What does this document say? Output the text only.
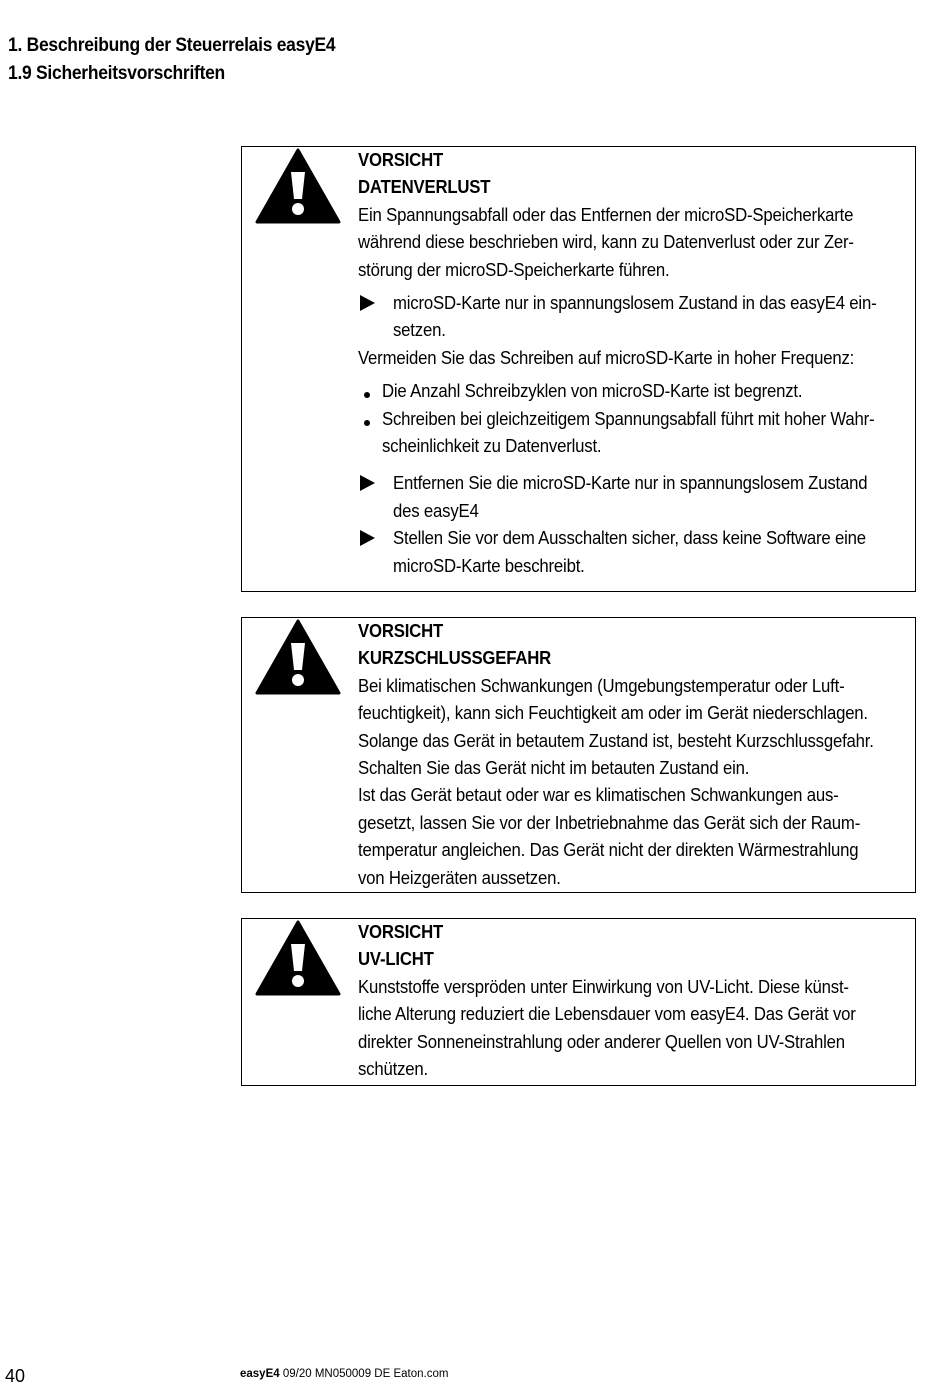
1. Beschreibung der Steuerrelais easyE4
1.9 Sicherheitsvorschriften
VORSICHT
DATENVERLUST
Ein Spannungsabfall oder das Entfernen der microSD-Speicherkarte
während diese beschrieben wird, kann zu Datenverlust oder zur Zer-
störung der microSD-Speicherkarte führen.
microSD-Karte nur in spannungslosem Zustand in das easyE4 ein-
setzen.
Vermeiden Sie das Schreiben auf microSD-Karte in hoher Frequenz:
Die Anzahl Schreibzyklen von microSD-Karte ist begrenzt.
Schreiben bei gleichzeitigem Spannungsabfall führt mit hoher Wahr-
scheinlichkeit zu Datenverlust.
Entfernen Sie die microSD-Karte nur in spannungslosem Zustand
des easyE4
Stellen Sie vor dem Ausschalten sicher, dass keine Software eine
microSD-Karte beschreibt.
VORSICHT
KURZSCHLUSSGEFAHR
Bei klimatischen Schwankungen (Umgebungstemperatur oder Luft-
feuchtigkeit), kann sich Feuchtigkeit am oder im Gerät niederschlagen.
Solange das Gerät in betautem Zustand ist, besteht Kurzschlussgefahr.
Schalten Sie das Gerät nicht im betauten Zustand ein.
Ist das Gerät betaut oder war es klimatischen Schwankungen aus-
gesetzt, lassen Sie vor der Inbetriebnahme das Gerät sich der Raum-
temperatur angleichen. Das Gerät nicht der direkten Wärmestrahlung
von Heizgeräten aussetzen.
VORSICHT
UV-LICHT
Kunststoffe verspröden unter Einwirkung von UV-Licht. Diese künst-
liche Alterung reduziert die Lebensdauer vom easyE4. Das Gerät vor
direkter Sonneneinstrahlung oder anderer Quellen von UV-Strahlen
schützen.
40	easyE4 09/20 MN050009 DE Eaton.com
